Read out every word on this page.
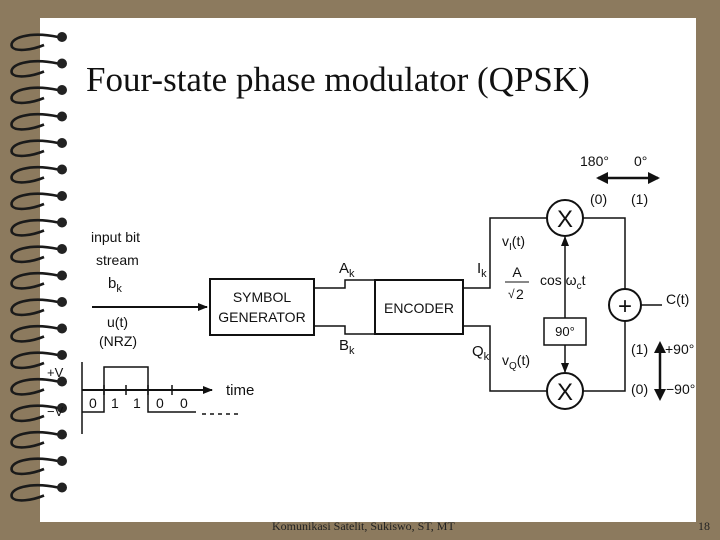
Four-state phase modulator (QPSK)
input bit
stream
$b_k$
u(t)
(NRZ)
+V
−V
0 1 1 0 0
time
SYMBOL
GENERATOR
$A_k$
$B_k$
ENCODER
$I_k$
$Q_k$
$v_I(t)$
$v_Q(t)$
A
√ 2
X
X
$\cos \omega_ct$
90°
+ C(t)
180° 0°
(0) (1)
(1) +90°
(0) −90°
Komunikasi Satelit, Sukiswo, ST, MT	18
